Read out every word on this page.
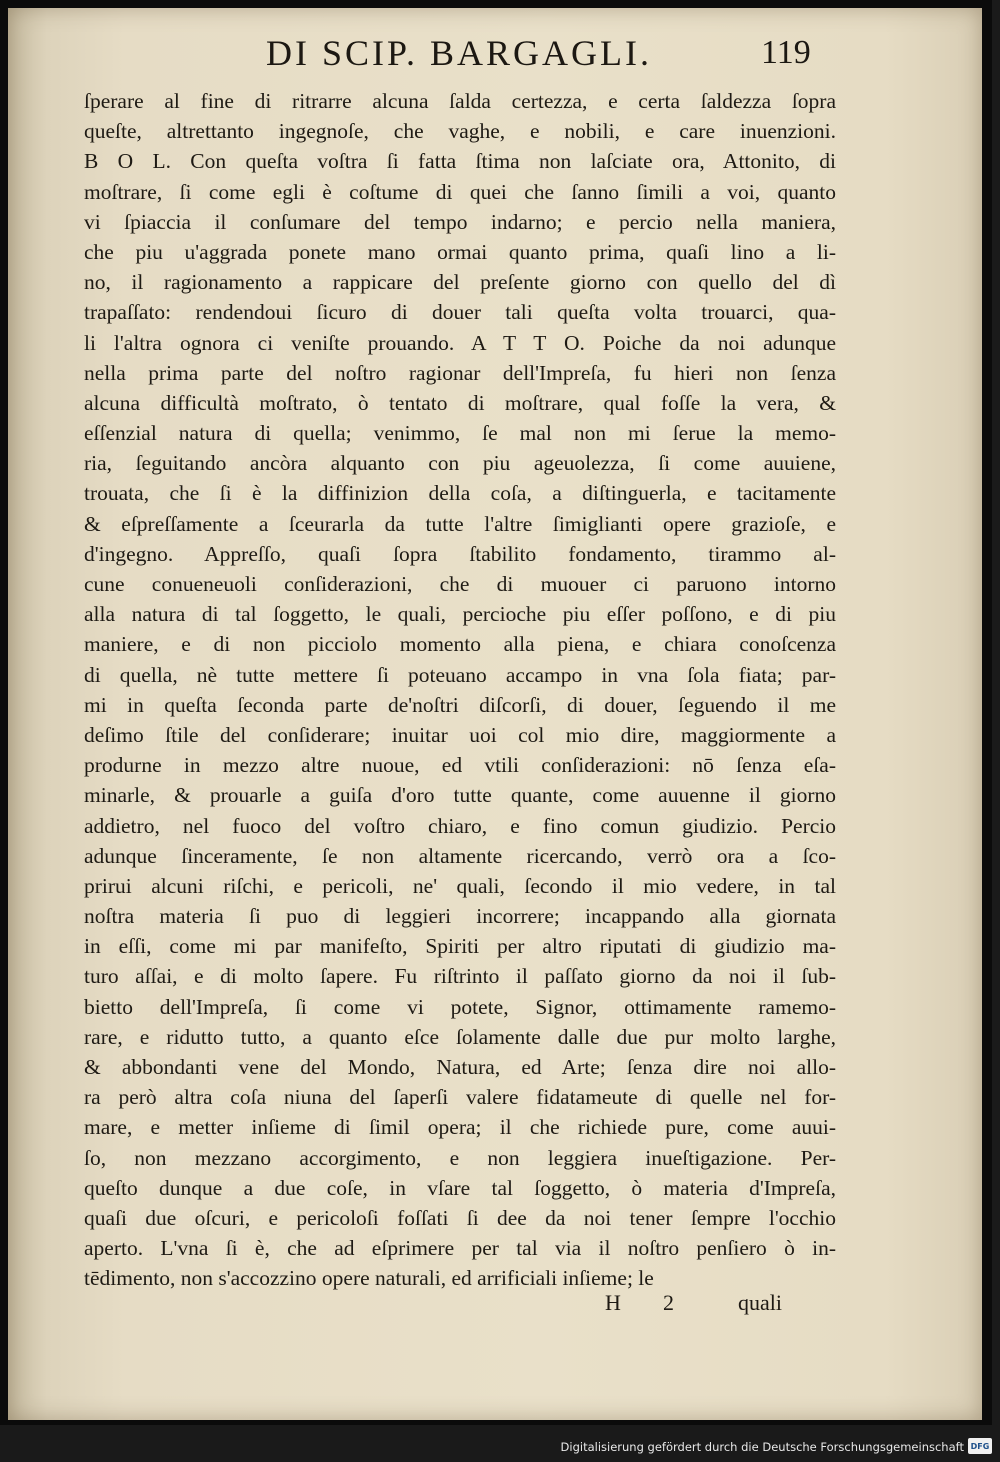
DI SCIP. BARGAGLI.	119
ſperare al fine di ritrarre alcuna ſalda certezza, e certa ſaldezza ſopra
queſte, altrettanto ingegnoſe, che vaghe, e nobili, e care inuenzioni.
B O L. Con queſta voſtra ſi fatta ſtima non laſciate ora, Attonito, di
moſtrare, ſi come egli è coſtume di quei che ſanno ſimili a voi, quanto
vi ſpiaccia il conſumare del tempo indarno; e percio nella maniera,
che piu u'aggrada ponete mano ormai quanto prima, quaſi lino a li-
no, il ragionamento a rappicare del preſente giorno con quello del dì
trapaſſato: rendendoui ſicuro di douer tali queſta volta trouarci, qua-
li l'altra ognora ci veniſte prouando. A T T O. Poiche da noi adunque
nella prima parte del noſtro ragionar dell'Impreſa, fu hieri non ſenza
alcuna difficultà moſtrato, ò tentato di moſtrare, qual foſſe la vera, &
eſſenzial natura di quella; venimmo, ſe mal non mi ſerue la memo-
ria, ſeguitando ancòra alquanto con piu ageuolezza, ſi come auuiene,
trouata, che ſi è la diffinizion della coſa, a diſtinguerla, e tacitamente
& eſpreſſamente a ſceurarla da tutte l'altre ſimiglianti opere grazioſe, e
d'ingegno. Appreſſo, quaſi ſopra ſtabilito fondamento, tirammo al-
cune conueneuoli conſiderazioni, che di muouer ci paruono intorno
alla natura di tal ſoggetto, le quali, percioche piu eſſer poſſono, e di piu
maniere, e di non picciolo momento alla piena, e chiara conoſcenza
di quella, nè tutte mettere ſi poteuano accampo in vna ſola fiata; par-
mi in queſta ſeconda parte de'noſtri diſcorſi, di douer, ſeguendo il me
deſimo ſtile del conſiderare; inuitar uoi col mio dire, maggiormente a
produrne in mezzo altre nuoue, ed vtili conſiderazioni: nō ſenza eſa-
minarle, & prouarle a guiſa d'oro tutte quante, come auuenne il giorno
addietro, nel fuoco del voſtro chiaro, e fino comun giudizio. Percio
adunque ſinceramente, ſe non altamente ricercando, verrò ora a ſco-
prirui alcuni riſchi, e pericoli, ne' quali, ſecondo il mio vedere, in tal
noſtra materia ſi puo di leggieri incorrere; incappando alla giornata
in eſſi, come mi par manifeſto, Spiriti per altro riputati di giudizio ma-
turo aſſai, e di molto ſapere. Fu riſtrinto il paſſato giorno da noi il ſub-
bietto dell'Impreſa, ſi come vi potete, Signor, ottimamente ramemo-
rare, e ridutto tutto, a quanto eſce ſolamente dalle due pur molto larghe,
& abbondanti vene del Mondo, Natura, ed Arte; ſenza dire noi allo-
ra però altra coſa niuna del ſaperſi valere fidatameute di quelle nel for-
mare, e metter inſieme di ſimil opera; il che richiede pure, come auui-
ſo, non mezzano accorgimento, e non leggiera inueſtigazione. Per-
queſto dunque a due coſe, in vſare tal ſoggetto, ò materia d'Impreſa,
quaſi due oſcuri, e pericoloſi foſſati ſi dee da noi tener ſempre l'occhio
aperto. L'vna ſi è, che ad eſprimere per tal via il noſtro penſiero ò in-
tēdimento, non s'accozzino opere naturali, ed arrificiali inſieme; le
H 2	quali
Digitalisierung gefördert durch die Deutsche Forschungsgemeinschaft DFG
